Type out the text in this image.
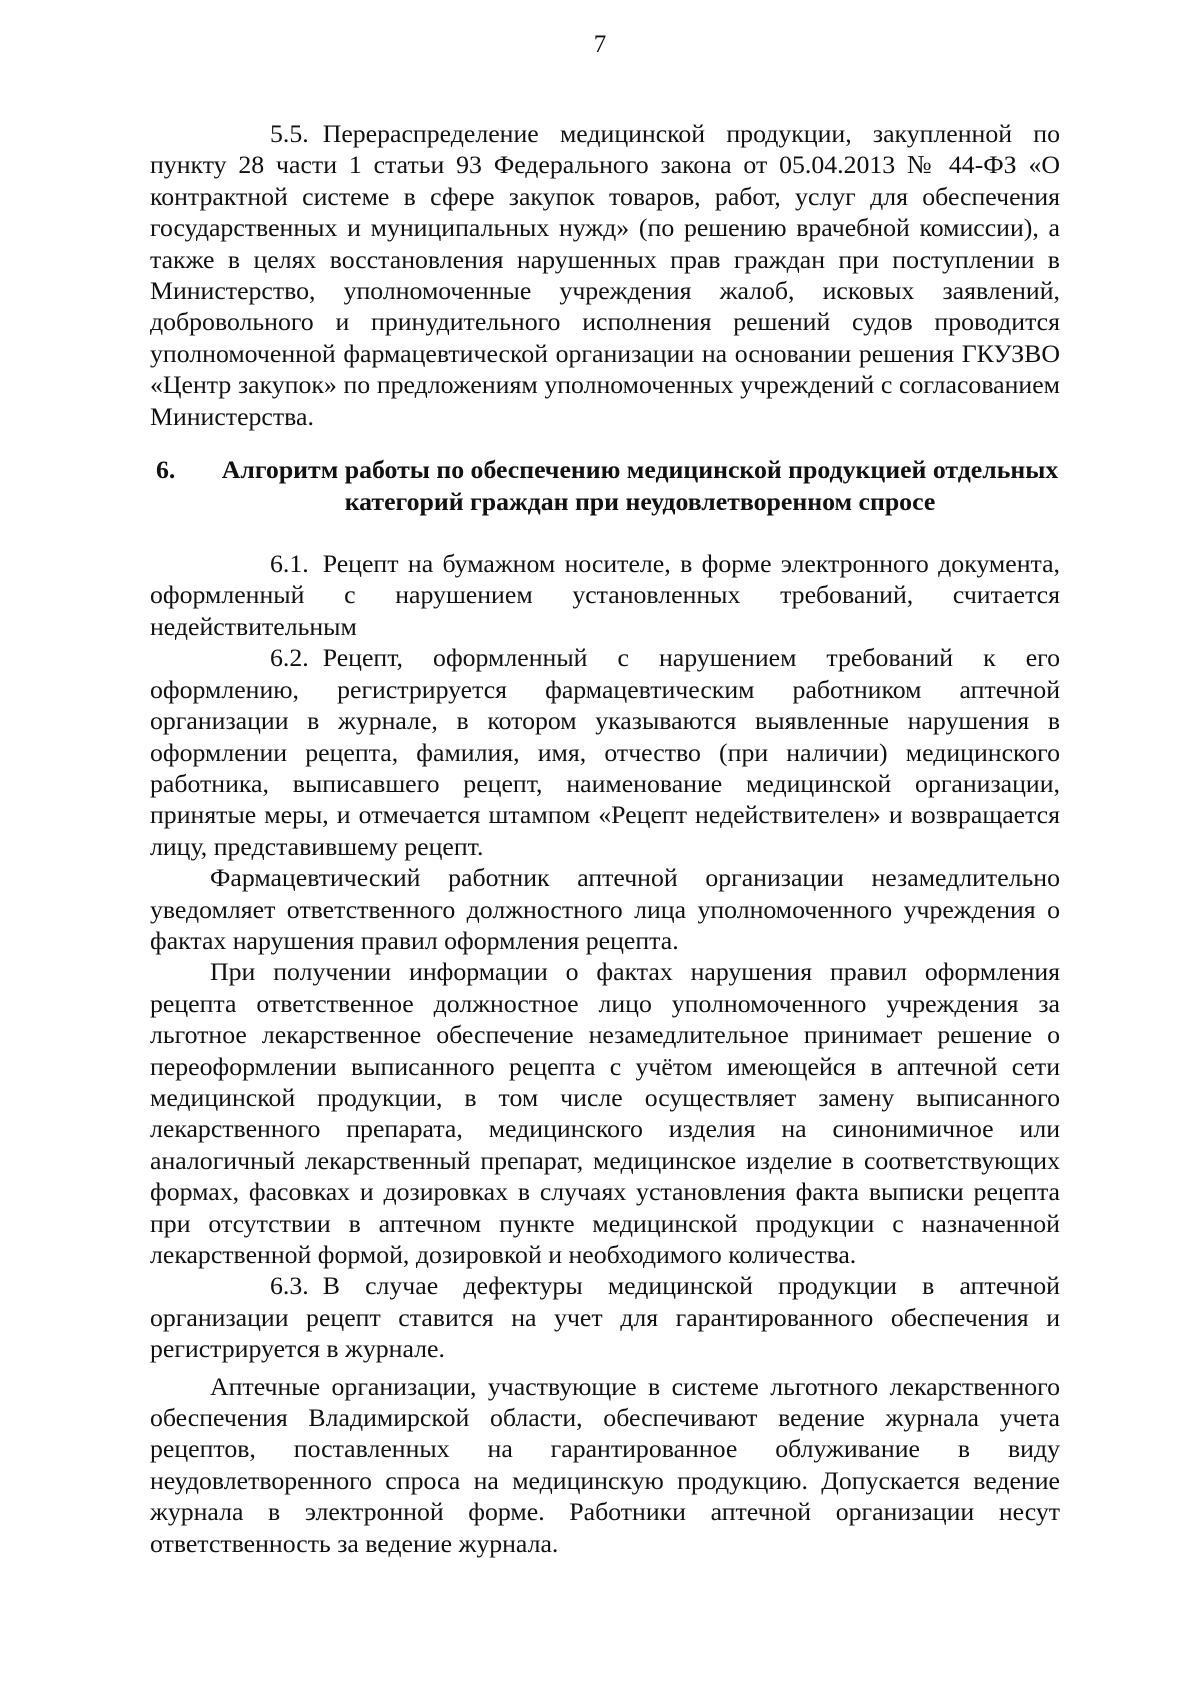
7

5.5. Перераспределение медицинской продукции, закупленной по пункту 28 части 1 статьи 93 Федерального закона от 05.04.2013 № 44-ФЗ «О контрактной системе в сфере закупок товаров, работ, услуг для обеспечения государственных и муниципальных нужд» (по решению врачебной комиссии), а также в целях восстановления нарушенных прав граждан при поступлении в Министерство, уполномоченные учреждения жалоб, исковых заявлений, добровольного и принудительного исполнения решений судов проводится уполномоченной фармацевтической организации на основании решения ГКУЗВО «Центр закупок» по предложениям уполномоченных учреждений с согласованием Министерства.

6.	Алгоритм работы по обеспечению медицинской продукцией отдельных категорий граждан при неудовлетворенном спросе

6.1. Рецепт на бумажном носителе, в форме электронного документа, оформленный с нарушением установленных требований, считается недействительным

6.2. Рецепт, оформленный с нарушением требований к его оформлению, регистрируется фармацевтическим работником аптечной организации в журнале, в котором указываются выявленные нарушения в оформлении рецепта, фамилия, имя, отчество (при наличии) медицинского работника, выписавшего рецепт, наименование медицинской организации, принятые меры, и отмечается штампом «Рецепт недействителен» и возвращается лицу, представившему рецепт.

Фармацевтический работник аптечной организации незамедлительно уведомляет ответственного должностного лица уполномоченного учреждения о фактах нарушения правил оформления рецепта.

При получении информации о фактах нарушения правил оформления рецепта ответственное должностное лицо уполномоченного учреждения за льготное лекарственное обеспечение незамедлительное принимает решение о переоформлении выписанного рецепта с учётом имеющейся в аптечной сети медицинской продукции, в том числе осуществляет замену выписанного лекарственного препарата, медицинского изделия на синонимичное или аналогичный лекарственный препарат, медицинское изделие в соответствующих формах, фасовках и дозировках в случаях установления факта выписки рецепта при отсутствии в аптечном пункте медицинской продукции с назначенной лекарственной формой, дозировкой и необходимого количества.

6.3. В случае дефектуры медицинской продукции в аптечной организации рецепт ставится на учет для гарантированного обеспечения и регистрируется в журнале.

Аптечные организации, участвующие в системе льготного лекарственного обеспечения Владимирской области, обеспечивают ведение журнала учета рецептов, поставленных на гарантированное облуживание в виду неудовлетворенного спроса на медицинскую продукцию. Допускается ведение журнала в электронной форме. Работники аптечной организации несут ответственность за ведение журнала.
